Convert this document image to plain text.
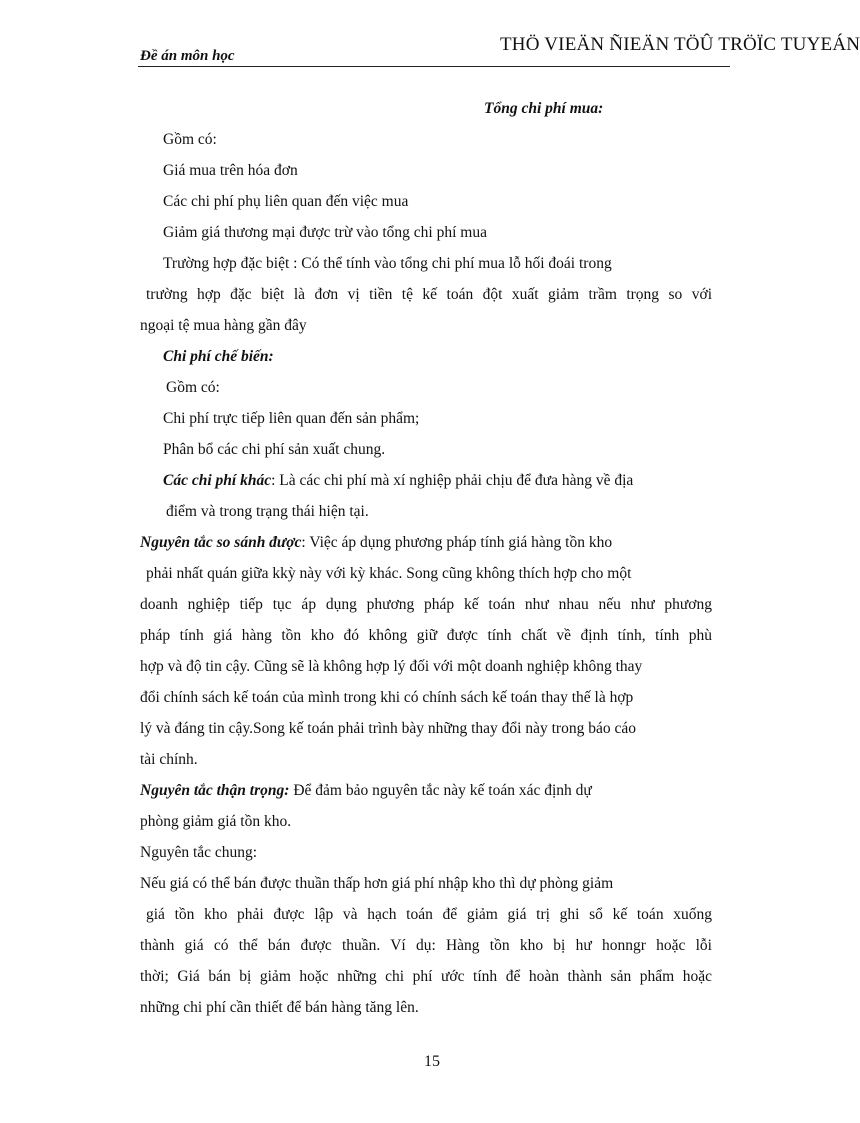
Đề án môn học
THÖ VIEÄN ÑIEÄN TÖÛ TRÖÏC TUYEÁN
Tổng chi phí mua:
Gồm có:
Giá mua trên hóa đơn
Các chi phí phụ liên quan đến việc mua
Giảm giá thương mại được trừ vào tổng chi phí mua
Trường hợp đặc biệt : Có thể tính vào tổng chi phí mua lỗ hối đoái trong
trường hợp đặc biệt là đơn vị tiền tệ kế toán đột xuất giảm trầm trọng so với
ngoại tệ mua hàng gần đây
Chi phí chế biến:
Gồm có:
Chi phí trực tiếp liên quan đến sản phẩm;
Phân bổ các chi phí sản xuất chung.
Các chi phí khác: Là các chi phí mà xí nghiệp phải chịu để đưa hàng về địa
điểm và trong trạng thái hiện tại.
Nguyên tắc so sánh được: Việc áp dụng phương pháp tính giá hàng tồn kho
phải nhất quán giữa kkỳ này với kỳ khác. Song cũng không thích hợp cho một
doanh nghiệp tiếp tục áp dụng phương pháp kế toán như nhau nếu như phương
pháp tính giá hàng tồn kho đó không giữ được tính chất về định tính, tính phù
hợp và độ tin cậy. Cũng sẽ là không hợp lý đối với một doanh nghiệp không thay
đổi chính sách kế toán của mình trong khi có chính sách kế toán thay thế là hợp
lý và đáng tin cậy.Song kế toán phải trình bày những thay đổi này trong báo cáo
tài chính.
Nguyên tắc thận trọng: Để đảm bảo nguyên tắc này kế toán xác định dự
phòng giảm giá tồn kho.
Nguyên tắc chung:
Nếu giá có thể bán được thuần thấp hơn giá phí nhập kho thì dự phòng giảm
giá tồn kho phải được lập và hạch toán để giảm giá trị ghi sổ kế toán xuống
thành giá có thể bán được thuần. Ví dụ: Hàng tồn kho bị hư honngr hoặc lỗi
thời; Giá bán bị giảm hoặc những chi phí ước tính để hoàn thành sản phẩm hoặc
những chi phí cần thiết để bán hàng tăng lên.
15
